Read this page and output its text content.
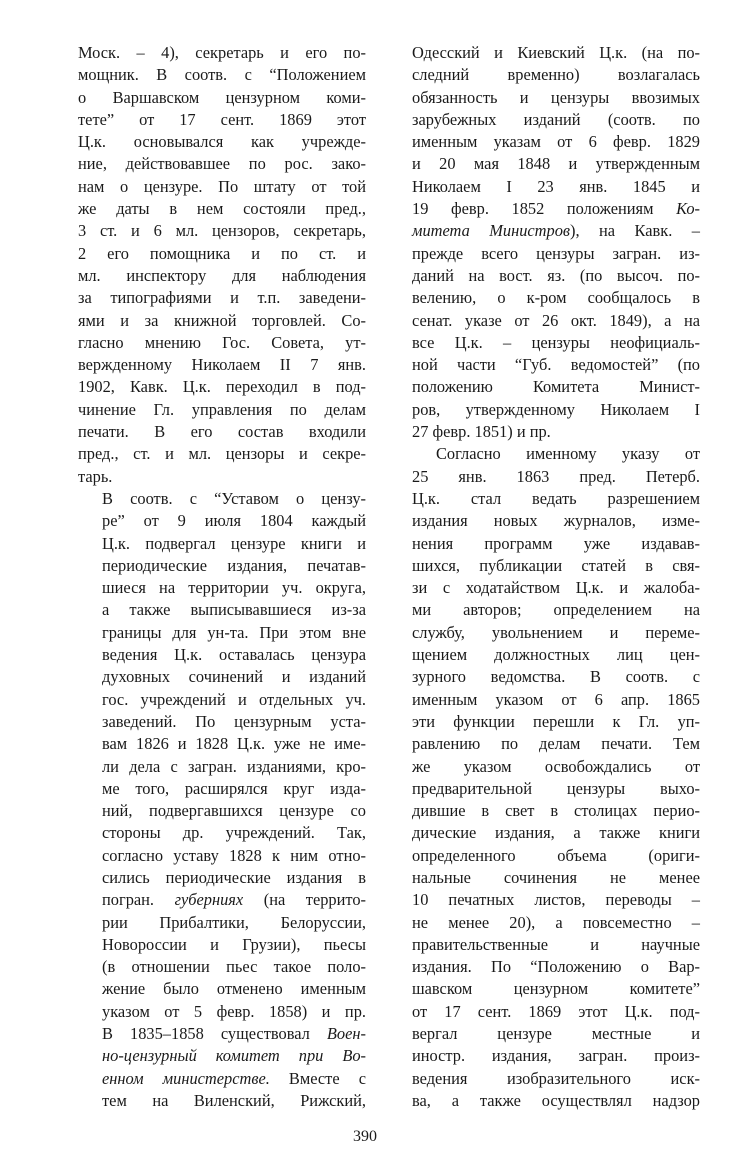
Моск. – 4), секретарь и его по-
мощник. В соотв. с “Положением
о Варшавском цензурном коми-
тете” от 17 сент. 1869 этот
Ц.к. основывался как учрежде-
ние, действовавшее по рос. зако-
нам о цензуре. По штату от той
же даты в нем состояли пред.,
3 ст. и 6 мл. цензоров, секретарь,
2 его помощника и по ст. и
мл. инспектору для наблюдения
за типографиями и т.п. заведени-
ями и за книжной торговлей. Со-
гласно мнению Гос. Совета, ут-
вержденному Николаем II 7 янв.
1902, Кавк. Ц.к. переходил в под-
чинение Гл. управления по делам
печати. В его состав входили
пред., ст. и мл. цензоры и секре-
тарь.

В соотв. с “Уставом о цензу-
ре” от 9 июля 1804 каждый
Ц.к. подвергал цензуре книги и
периодические издания, печатав-
шиеся на территории уч. округа,
а также выписывавшиеся из-за
границы для ун-та. При этом вне
ведения Ц.к. оставалась цензура
духовных сочинений и изданий
гос. учреждений и отдельных уч.
заведений. По цензурным уста-
вам 1826 и 1828 Ц.к. уже не име-
ли дела с загран. изданиями, кро-
ме того, расширялся круг изда-
ний, подвергавшихся цензуре со
стороны др. учреждений. Так,
согласно уставу 1828 к ним отно-
сились периодические издания в
погран. губерниях (на террито-
рии Прибалтики, Белоруссии,
Новороссии и Грузии), пьесы
(в отношении пьес такое поло-
жение было отменено именным
указом от 5 февр. 1858) и пр.
В 1835–1858 существовал Воен-
но-цензурный комитет при Во-
енном министерстве. Вместе с
тем на Виленский, Рижский,

Одесский и Киевский Ц.к. (на по-
следний временно) возлагалась
обязанность и цензуры ввозимых
зарубежных изданий (соотв. по
именным указам от 6 февр. 1829
и 20 мая 1848 и утвержденным
Николаем I 23 янв. 1845 и
19 февр. 1852 положениям Ко-
митета Министров), на Кавк. –
прежде всего цензуры загран. из-
даний на вост. яз. (по высоч. по-
велению, о к-ром сообщалось в
сенат. указе от 26 окт. 1849), а на
все Ц.к. – цензуры неофициаль-
ной части “Губ. ведомостей” (по
положению Комитета Минист-
ров, утвержденному Николаем I
27 февр. 1851) и пр.

Согласно именному указу от
25 янв. 1863 пред. Петерб.
Ц.к. стал ведать разрешением
издания новых журналов, изме-
нения программ уже издавав-
шихся, публикации статей в свя-
зи с ходатайством Ц.к. и жалоба-
ми авторов; определением на
службу, увольнением и переме-
щением должностных лиц цен-
зурного ведомства. В соотв. с
именным указом от 6 апр. 1865
эти функции перешли к Гл. уп-
равлению по делам печати. Тем
же указом освобождались от
предварительной цензуры выхо-
дившие в свет в столицах перио-
дические издания, а также книги
определенного объема (ориги-
нальные сочинения не менее
10 печатных листов, переводы –
не менее 20), а повсеместно –
правительственные и научные
издания. По “Положению о Вар-
шавском цензурном комитете”
от 17 сент. 1869 этот Ц.к. под-
вергал цензуре местные и
иностр. издания, загран. произ-
ведения изобразительного иск-
ва, а также осуществлял надзор

390
